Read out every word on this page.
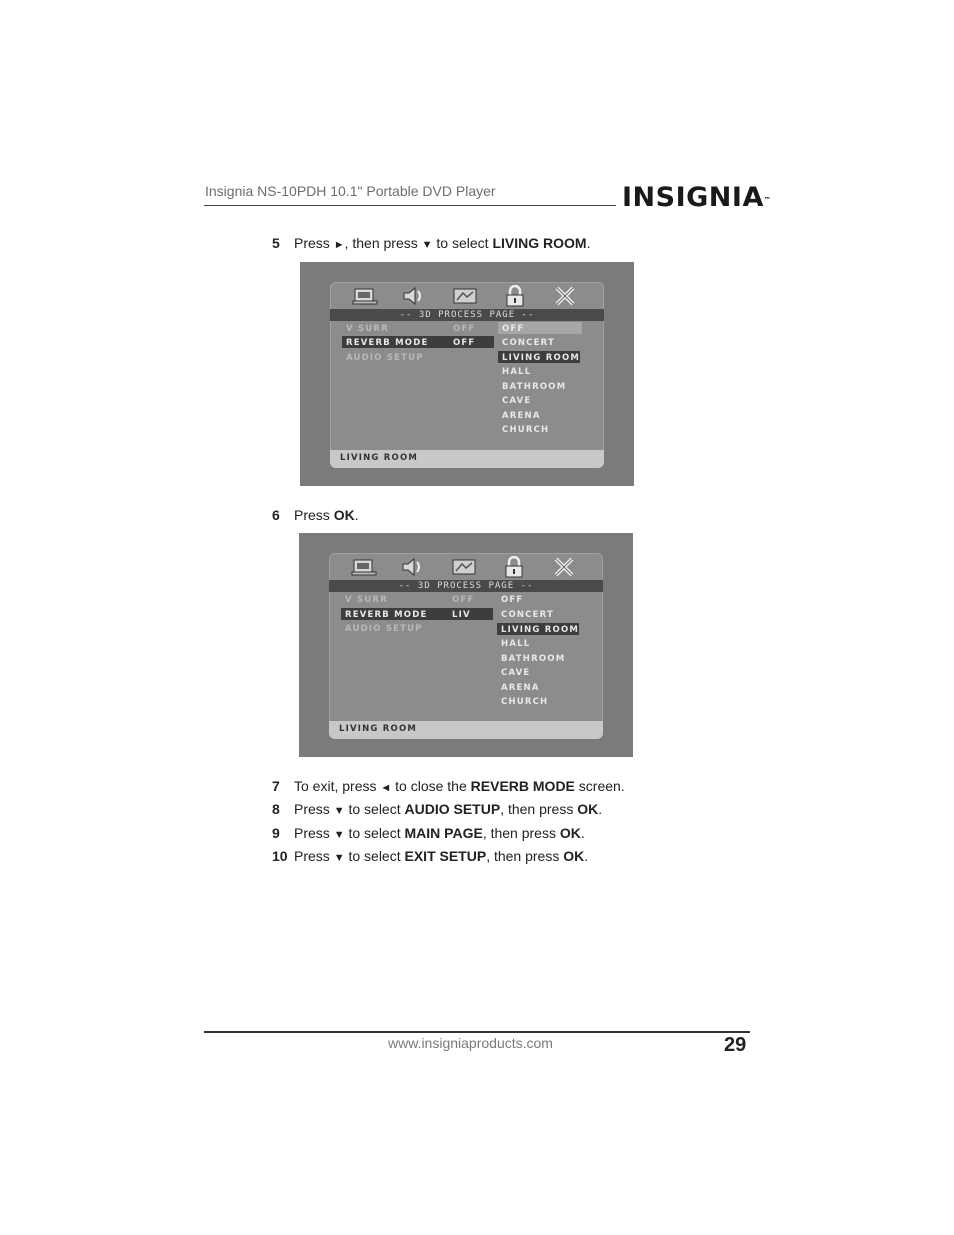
Insignia NS-10PDH 10.1" Portable DVD Player	INSIGNIA™
5 Press ►, then press ▼ to select LIVING ROOM.
-- 3D PROCESS PAGE --
V SURR
REVERB MODE
AUDIO SETUP
OFF
OFF
OFF
CONCERT
LIVING ROOM
HALL
BATHROOM
CAVE
ARENA
CHURCH
LIVING ROOM
6 Press OK.
-- 3D PROCESS PAGE --
V SURR
REVERB MODE
AUDIO SETUP
OFF
LIV
OFF
CONCERT
LIVING ROOM
HALL
BATHROOM
CAVE
ARENA
CHURCH
LIVING ROOM
7 To exit, press ◄ to close the REVERB MODE screen.
8 Press ▼ to select AUDIO SETUP, then press OK.
9 Press ▼ to select MAIN PAGE, then press OK.
10 Press ▼ to select EXIT SETUP, then press OK.
www.insigniaproducts.com	29
